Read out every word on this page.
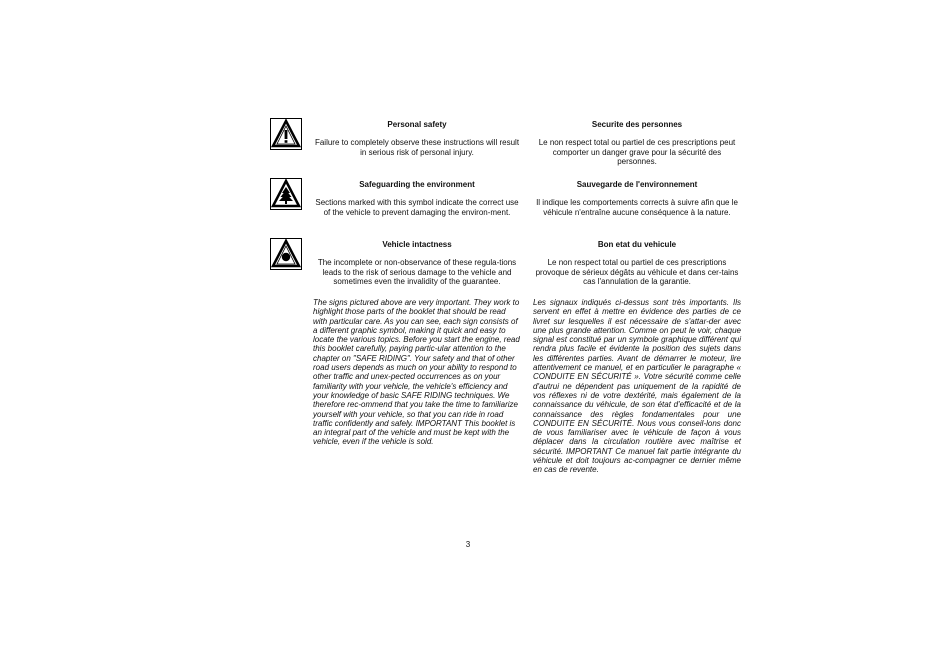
Personal safety
Failure to completely observe these instructions will result in serious risk of personal injury.
Securite des personnes
Le non respect total ou partiel de ces prescriptions peut comporter un danger grave pour la sécurité des personnes.
Safeguarding the environment
Sections marked with this symbol indicate the correct use of the vehicle to prevent damaging the environ-ment.
Sauvegarde de l'environnement
Il indique les comportements corrects à suivre afin que le véhicule n'entraîne aucune conséquence à la nature.
Vehicle intactness
The incomplete or non-observance of these regula-tions leads to the risk of serious damage to the vehicle and sometimes even the invalidity of the guarantee.
Bon etat du vehicule
Le non respect total ou partiel de ces prescriptions provoque de sérieux dégâts au véhicule et dans cer-tains cas l'annulation de la garantie.
The signs pictured above are very important. They work to highlight those parts of the booklet that should be read with particular care. As you can see, each sign consists of a different graphic symbol, making it quick and easy to locate the various topics. Before you start the engine, read this booklet carefully, paying partic-ular attention to the chapter on "SAFE RIDING". Your safety and that of other road users depends as much on your ability to respond to other traffic and unex-pected occurrences as on your familiarity with your vehicle, the vehicle's efficiency and your knowledge of basic SAFE RIDING techniques. We therefore rec-ommend that you take the time to familiarize yourself with your vehicle, so that you can ride in road traffic confidently and safely. IMPORTANT This booklet is an integral part of the vehicle and must be kept with the vehicle, even if the vehicle is sold.
Les signaux indiqués ci-dessus sont très importants. Ils servent en effet à mettre en évidence des parties de ce livret sur lesquelles il est nécessaire de s'attar-der avec une plus grande attention. Comme on peut le voir, chaque signal est constitué par un symbole graphique différent qui rendra plus facile et évidente la position des sujets dans les différentes parties. Avant de démarrer le moteur, lire attentivement ce manuel, et en particulier le paragraphe « CONDUITE EN SÉCURITÉ ». Votre sécurité comme celle d'autrui ne dépendent pas uniquement de la rapidité de vos réflexes ni de votre dextérité, mais également de la connaissance du véhicule, de son état d'efficacité et de la connaissance des règles fondamentales pour une CONDUITE EN SÉCURITÉ. Nous vous conseil-lons donc de vous familiariser avec le véhicule de façon à vous déplacer dans la circulation routière avec maîtrise et sécurité. IMPORTANT Ce manuel fait partie intégrante du véhicule et doit toujours ac-compagner ce dernier même en cas de revente.
3
